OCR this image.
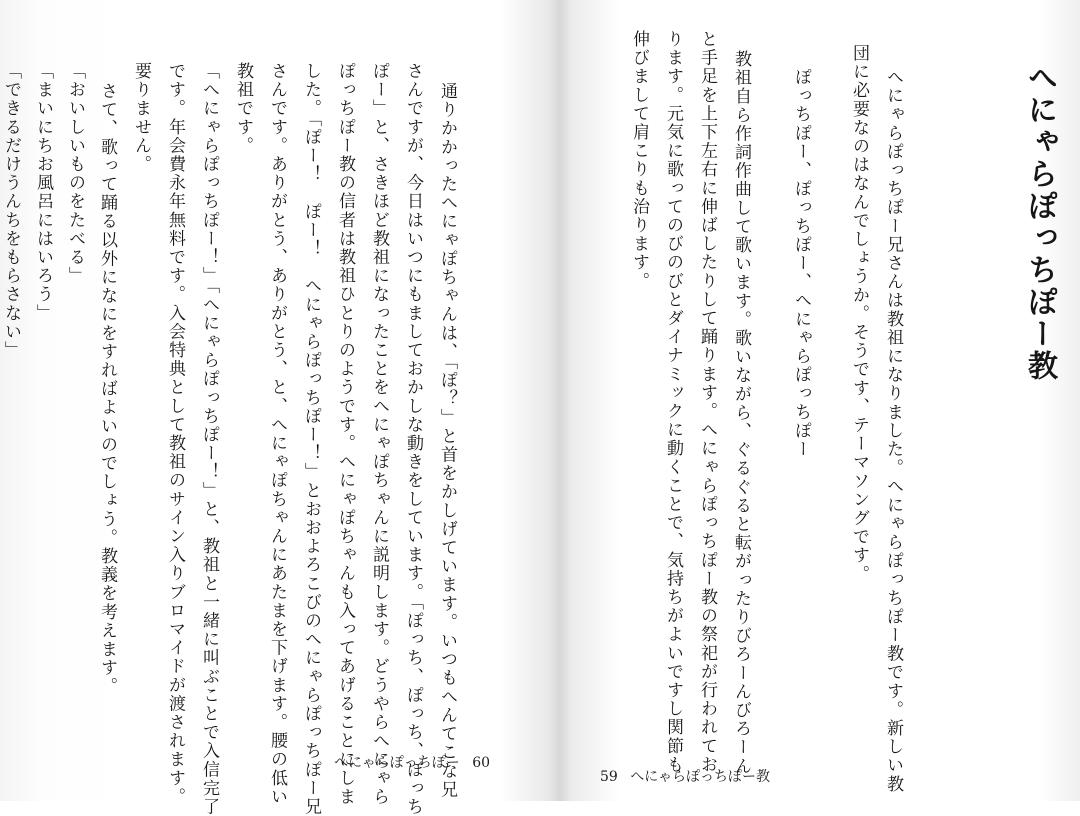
へにゃらぽっちぽー教
へにゃらぽっちぽー兄さんは教祖になりました。へにゃらぽっちぽー教です。新しい教
団に必要なのはなんでしょうか。そうです、テーマソングです。
ぽっちぽー、ぽっちぽー、へにゃらぽっちぽー
教祖自ら作詞作曲して歌います。歌いながら、ぐるぐると転がったりびろーんびろーん
と手足を上下左右に伸ばしたりして踊ります。へにゃらぽっちぽー教の祭祀が行われてお
ります。元気に歌ってのびのびとダイナミックに動くことで、気持ちがよいですし関節も
伸びまして肩こりも治ります。
59 へにゃらぽっちぽー教
通りかかったへにゃぽちゃんは、「ぽ？」と首をかしげています。いつもへんてこな兄
さんですが、今日はいつにもましておかしな動きをしています。「ぽっち、ぽっち、ぽっち
ぽー」と、さきほど教祖になったことをへにゃぽちゃんに説明します。どうやらへにゃら
ぽっちぽー教の信者は教祖ひとりのようです。へにゃぽちゃんも入ってあげることにしま
した。「ぽー！　ぽー！　へにゃらぽっちぽー！」とおおよろこびのへにゃらぽっちぽー兄
さんです。ありがとう、ありがとう、と、へにゃぽちゃんにあたまを下げます。腰の低い
教祖です。
「へにゃらぽっちぽー！」「へにゃらぽっちぽー！」と、教祖と一緒に叫ぶことで入信完了
です。年会費永年無料です。入会特典として教祖のサイン入りブロマイドが渡されます。
要りません。
さて、歌って踊る以外になにをすればよいのでしょう。教義を考えます。
「おいしいものをたべる」
「まいにちお風呂にはいろう」
「できるだけうんちをもらさない」
へにゃらぽっちぽー 60
